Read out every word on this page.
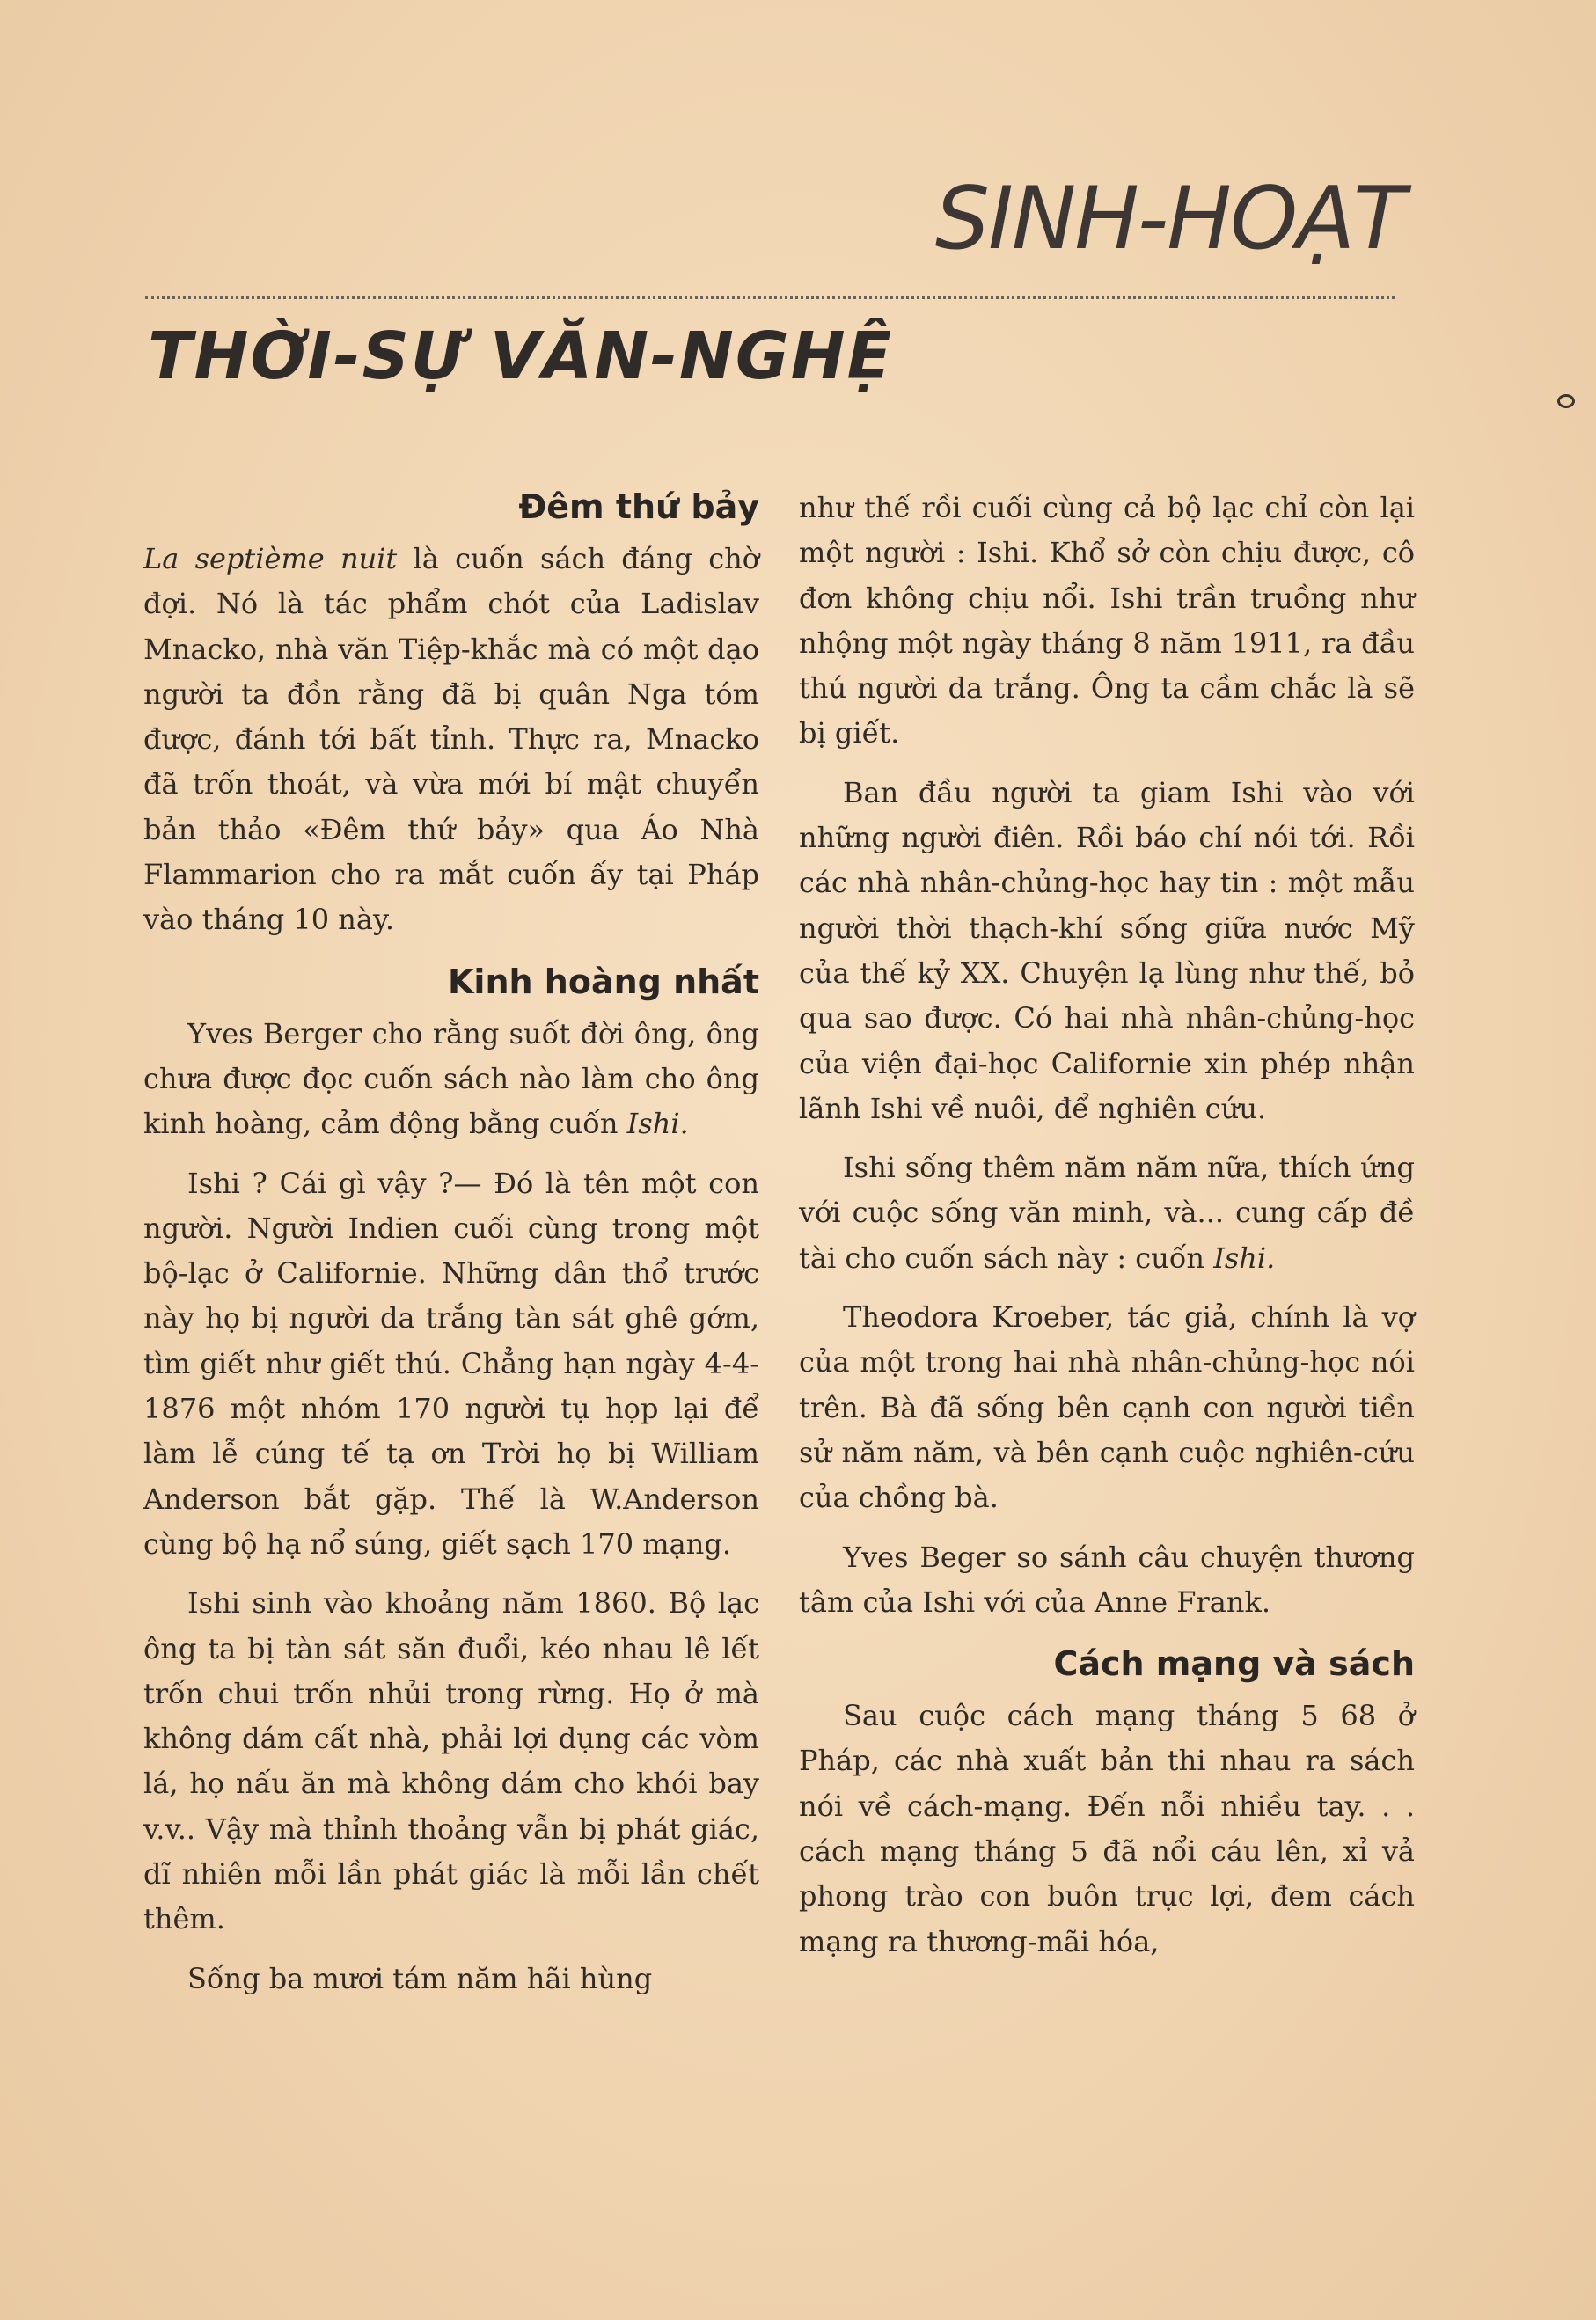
SINH-HOẠT
THỜI-SỰ VĂN-NGHỆ
Đêm thứ bảy

La septième nuit là cuốn sách đáng chờ đợi. Nó là tác phẩm chót của Ladislav Mnacko, nhà văn Tiệp-khắc mà có một dạo người ta đồn rằng đã bị quân Nga tóm được, đánh tới bất tỉnh. Thực ra, Mnacko đã trốn thoát, và vừa mới bí mật chuyển bản thảo «Đêm thứ bảy» qua Áo Nhà Flammarion cho ra mắt cuốn ấy tại Pháp vào tháng 10 này.

Kinh hoàng nhất

Yves Berger cho rằng suốt đời ông, ông chưa được đọc cuốn sách nào làm cho ông kinh hoàng, cảm động bằng cuốn Ishi.

Ishi ? Cái gì vậy ?— Đó là tên một con người. Người Indien cuối cùng trong một bộ-lạc ở Californie. Những dân thổ trước này họ bị người da trắng tàn sát ghê gớm, tìm giết như giết thú. Chẳng hạn ngày 4-4-1876 một nhóm 170 người tụ họp lại để làm lễ cúng tế tạ ơn Trời họ bị William Anderson bắt gặp. Thế là W.Anderson cùng bộ hạ nổ súng, giết sạch 170 mạng.

Ishi sinh vào khoảng năm 1860. Bộ lạc ông ta bị tàn sát săn đuổi, kéo nhau lê lết trốn chui trốn nhủi trong rừng. Họ ở mà không dám cất nhà, phải lợi dụng các vòm lá, họ nấu ăn mà không dám cho khói bay v.v.. Vậy mà thỉnh thoảng vẫn bị phát giác, dĩ nhiên mỗi lần phát giác là mỗi lần chết thêm.

Sống ba mươi tám năm hãi hùng

như thế rồi cuối cùng cả bộ lạc chỉ còn lại một người : Ishi. Khổ sở còn chịu được, cô đơn không chịu nổi. Ishi trần truồng như nhộng một ngày tháng 8 năm 1911, ra đầu thú người da trắng. Ông ta cầm chắc là sẽ bị giết.

Ban đầu người ta giam Ishi vào với những người điên. Rồi báo chí nói tới. Rồi các nhà nhân-chủng-học hay tin : một mẫu người thời thạch-khí sống giữa nước Mỹ của thế kỷ XX. Chuyện lạ lùng như thế, bỏ qua sao được. Có hai nhà nhân-chủng-học của viện đại-học Californie xin phép nhận lãnh Ishi về nuôi, để nghiên cứu.

Ishi sống thêm năm năm nữa, thích ứng với cuộc sống văn minh, và... cung cấp đề tài cho cuốn sách này : cuốn Ishi.

Theodora Kroeber, tác giả, chính là vợ của một trong hai nhà nhân-chủng-học nói trên. Bà đã sống bên cạnh con người tiền sử năm năm, và bên cạnh cuộc nghiên-cứu của chồng bà.

Yves Beger so sánh câu chuyện thương tâm của Ishi với của Anne Frank.

Cách mạng và sách

Sau cuộc cách mạng tháng 5 68 ở Pháp, các nhà xuất bản thi nhau ra sách nói về cách-mạng. Đến nỗi nhiều tay. . . cách mạng tháng 5 đã nổi cáu lên, xỉ vả phong trào con buôn trục lợi, đem cách mạng ra thương-mãi hóa,
